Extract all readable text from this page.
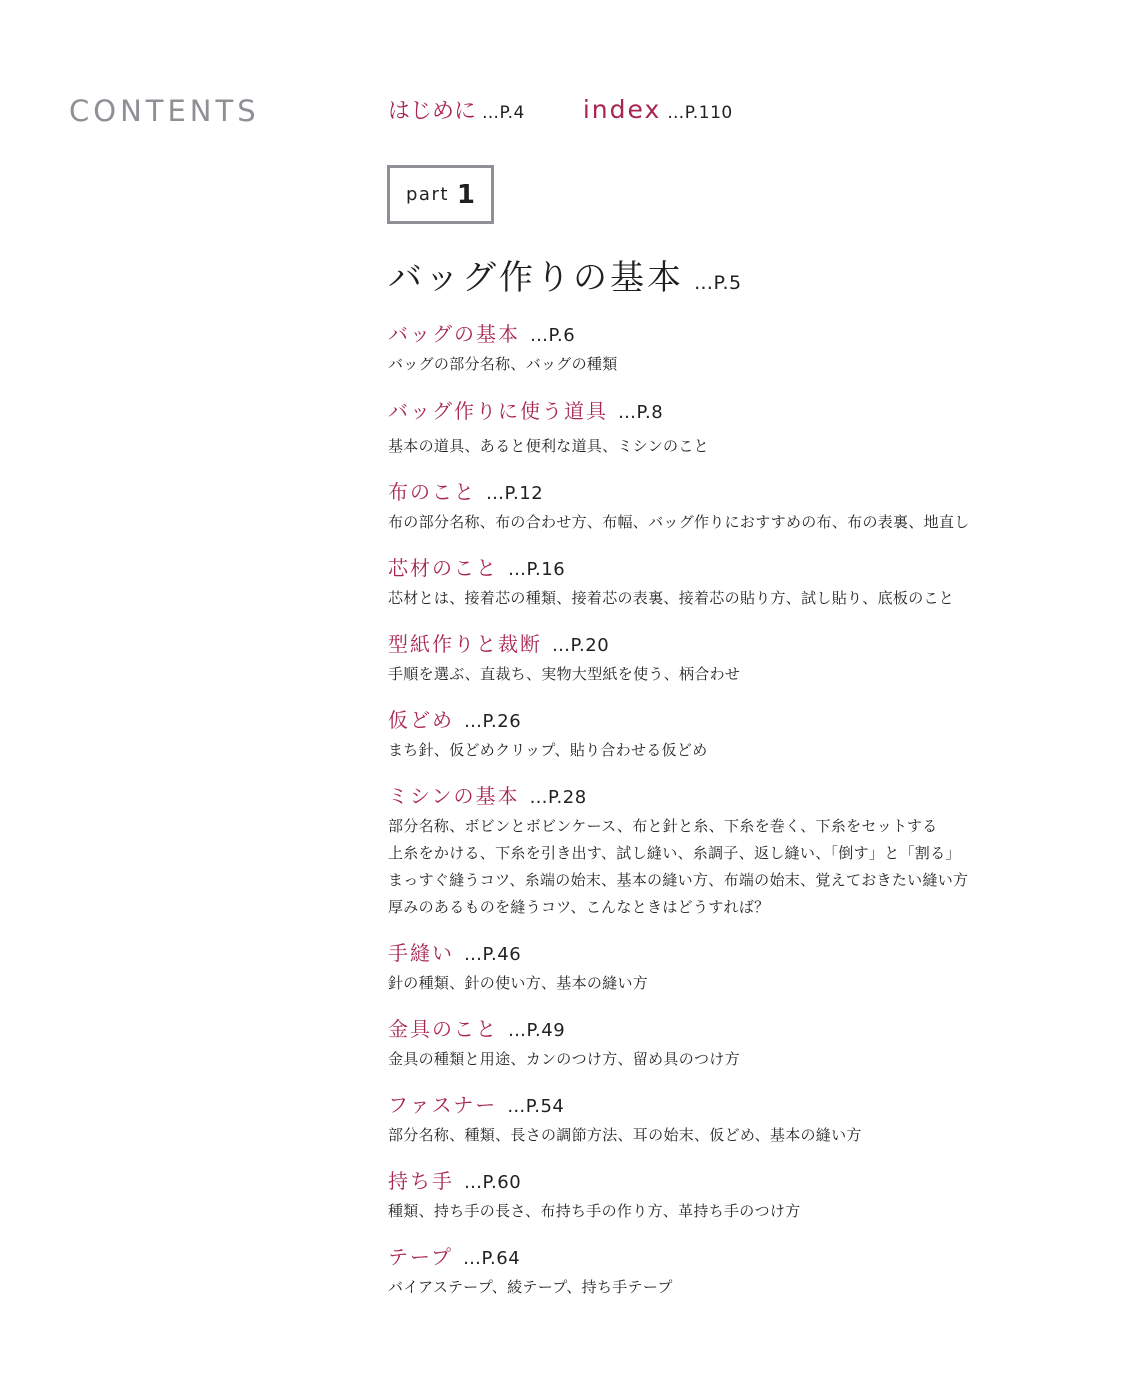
CONTENTS	はじめに …P.4 index …P.110
part 1
バッグ作りの基本 …P.5
バッグの基本 …P.6
バッグの部分名称、バッグの種類
バッグ作りに使う道具 …P.8
基本の道具、あると便利な道具、ミシンのこと
布のこと …P.12
布の部分名称、布の合わせ方、布幅、バッグ作りにおすすめの布、布の表裏、地直し
芯材のこと …P.16
芯材とは、接着芯の種類、接着芯の表裏、接着芯の貼り方、試し貼り、底板のこと
型紙作りと裁断 …P.20
手順を選ぶ、直裁ち、実物大型紙を使う、柄合わせ
仮どめ …P.26
まち針、仮どめクリップ、貼り合わせる仮どめ
ミシンの基本 …P.28
部分名称、ボビンとボビンケース、布と針と糸、下糸を巻く、下糸をセットする
上糸をかける、下糸を引き出す、試し縫い、糸調子、返し縫い、「倒す」と「割る」
まっすぐ縫うコツ、糸端の始末、基本の縫い方、布端の始末、覚えておきたい縫い方
厚みのあるものを縫うコツ、こんなときはどうすれば？
手縫い …P.46
針の種類、針の使い方、基本の縫い方
金具のこと …P.49
金具の種類と用途、カンのつけ方、留め具のつけ方
ファスナー …P.54
部分名称、種類、長さの調節方法、耳の始末、仮どめ、基本の縫い方
持ち手 …P.60
種類、持ち手の長さ、布持ち手の作り方、革持ち手のつけ方
テープ …P.64
バイアステープ、綾テープ、持ち手テープ
